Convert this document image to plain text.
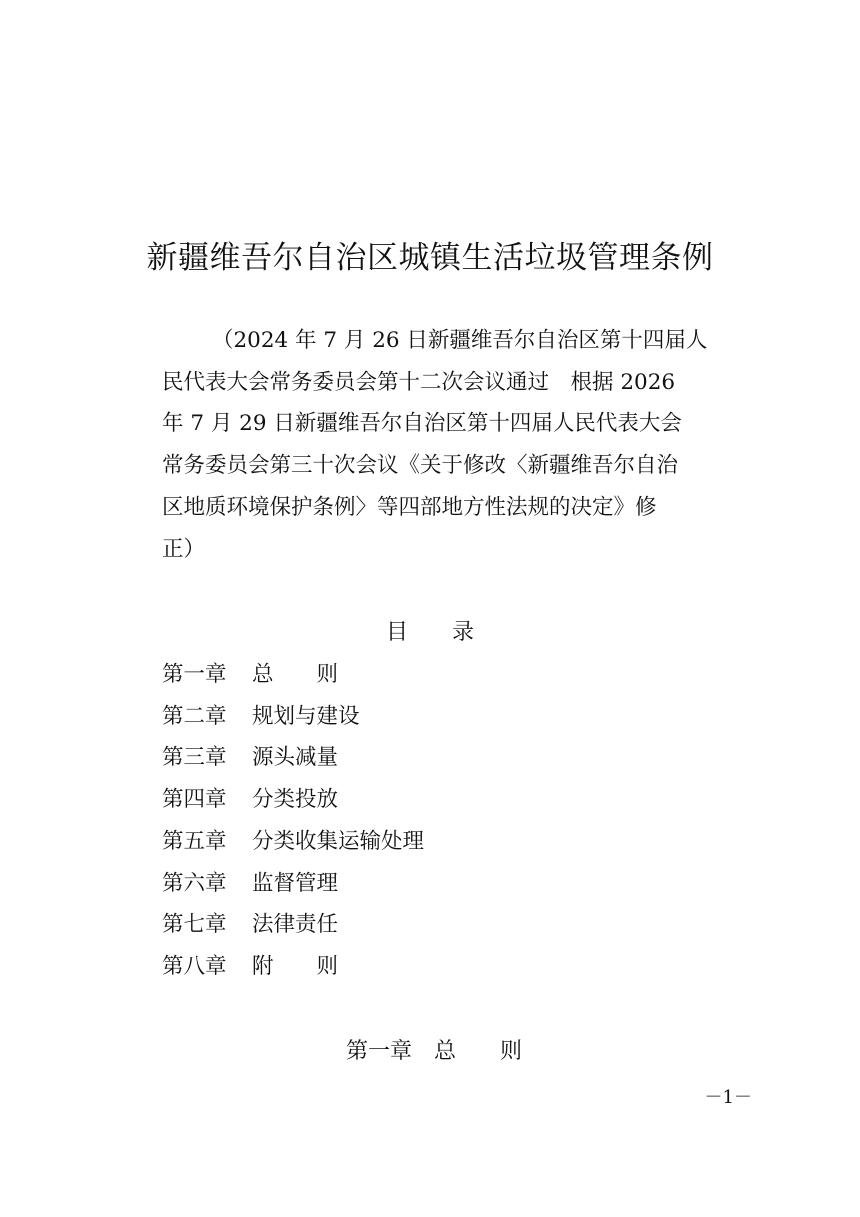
新疆维吾尔自治区城镇生活垃圾管理条例
（2024 年 7 月 26 日新疆维吾尔自治区第十四届人
民代表大会常务委员会第十二次会议通过　根据 2026
年 7 月 29 日新疆维吾尔自治区第十四届人民代表大会
常务委员会第三十次会议《关于修改〈新疆维吾尔自治
区地质环境保护条例〉等四部地方性法规的决定》修
正）
目 录
第一章 总　　则
第二章 规划与建设
第三章 源头减量
第四章 分类投放
第五章 分类收集运输处理
第六章 监督管理
第七章 法律责任
第八章 附　　则
第一章 总　　则
－1－
